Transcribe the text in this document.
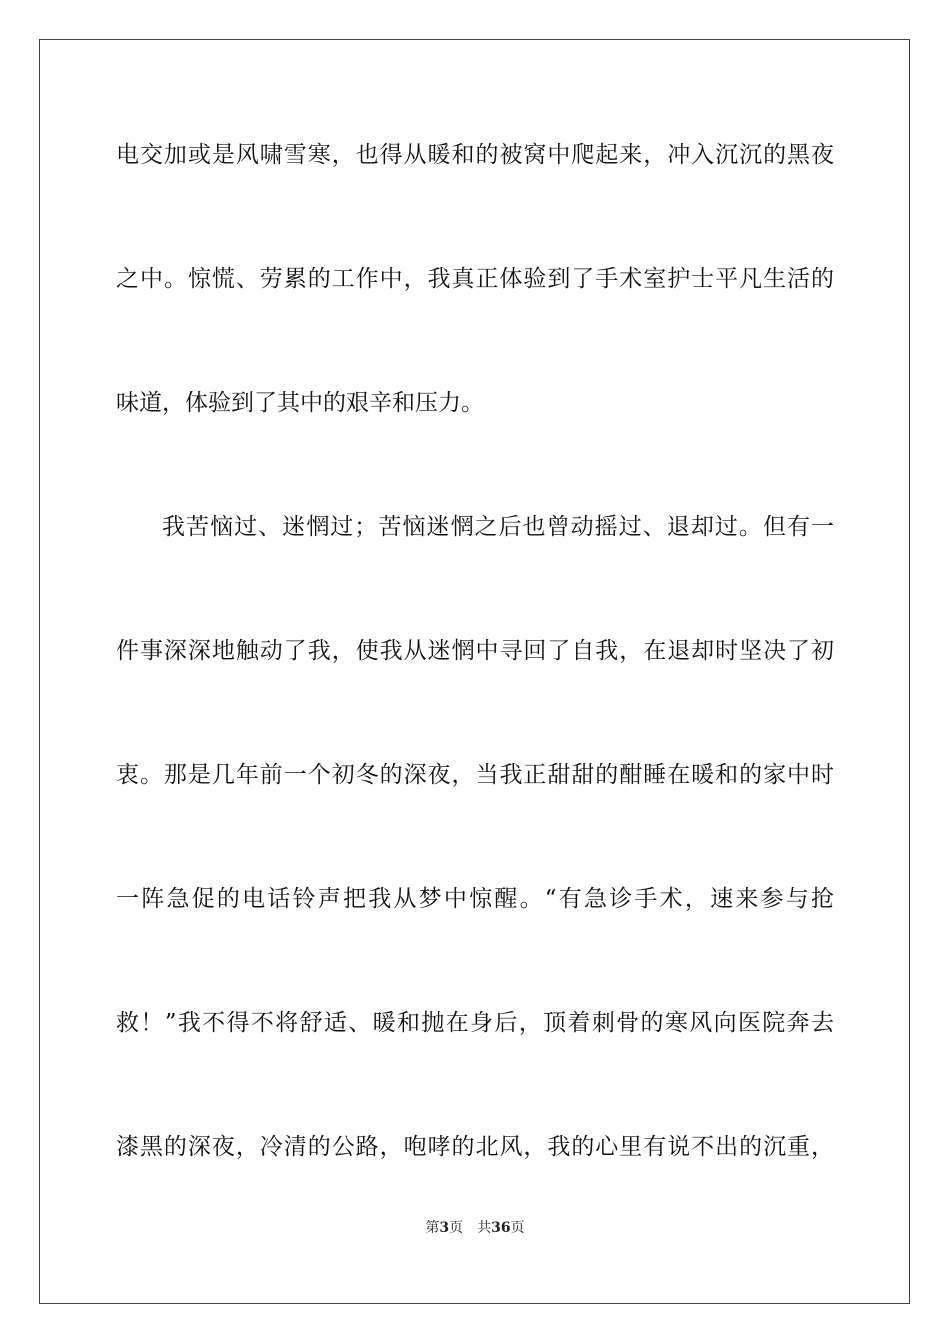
电交加或是风啸雪寒，也得从暖和的被窝中爬起来，冲入沉沉的黑夜
之中。惊慌、劳累的工作中，我真正体验到了手术室护士平凡生活的
味道，体验到了其中的艰辛和压力。
我苦恼过、迷惘过；苦恼迷惘之后也曾动摇过、退却过。但有一
件事深深地触动了我，使我从迷惘中寻回了自我，在退却时坚决了初
衷。那是几年前一个初冬的深夜，当我正甜甜的酣睡在暖和的家中时
一阵急促的电话铃声把我从梦中惊醒。“有急诊手术，速来参与抢
救！”我不得不将舒适、暖和抛在身后，顶着刺骨的寒风向医院奔去
漆黑的深夜，冷清的公路，咆哮的北风，我的心里有说不出的沉重，
第3页 共36页
